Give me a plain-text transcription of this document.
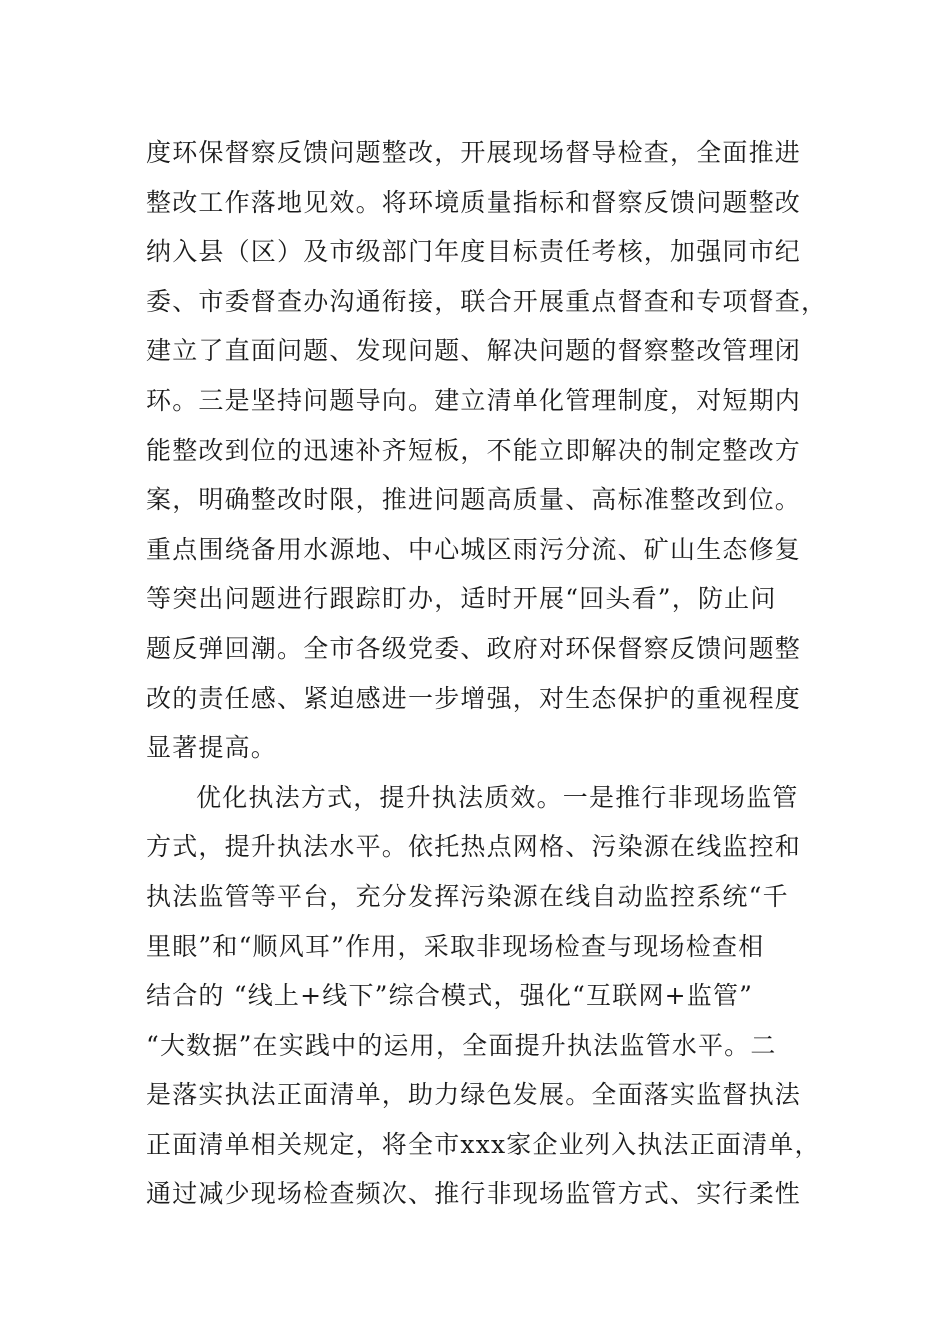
度环保督察反馈问题整改，开展现场督导检查，全面推进
整改工作落地见效。将环境质量指标和督察反馈问题整改
纳入县（区）及市级部门年度目标责任考核，加强同市纪
委、市委督查办沟通衔接，联合开展重点督查和专项督查，
建立了直面问题、发现问题、解决问题的督察整改管理闭
环。三是坚持问题导向。建立清单化管理制度，对短期内
能整改到位的迅速补齐短板，不能立即解决的制定整改方
案，明确整改时限，推进问题高质量、高标准整改到位。
重点围绕备用水源地、中心城区雨污分流、矿山生态修复
等突出问题进行跟踪盯办，适时开展“回头看”，防止问
题反弹回潮。全市各级党委、政府对环保督察反馈问题整
改的责任感、紧迫感进一步增强，对生态保护的重视程度
显著提高。
优化执法方式，提升执法质效。一是推行非现场监管
方式，提升执法水平。依托热点网格、污染源在线监控和
执法监管等平台，充分发挥污染源在线自动监控系统“千
里眼”和“顺风耳”作用，采取非现场检查与现场检查相
结合的 “线上+线下”综合模式，强化“互联网+监管”
“大数据”在实践中的运用，全面提升执法监管水平。二
是落实执法正面清单，助力绿色发展。全面落实监督执法
正面清单相关规定，将全市xxx家企业列入执法正面清单，
通过减少现场检查频次、推行非现场监管方式、实行柔性
